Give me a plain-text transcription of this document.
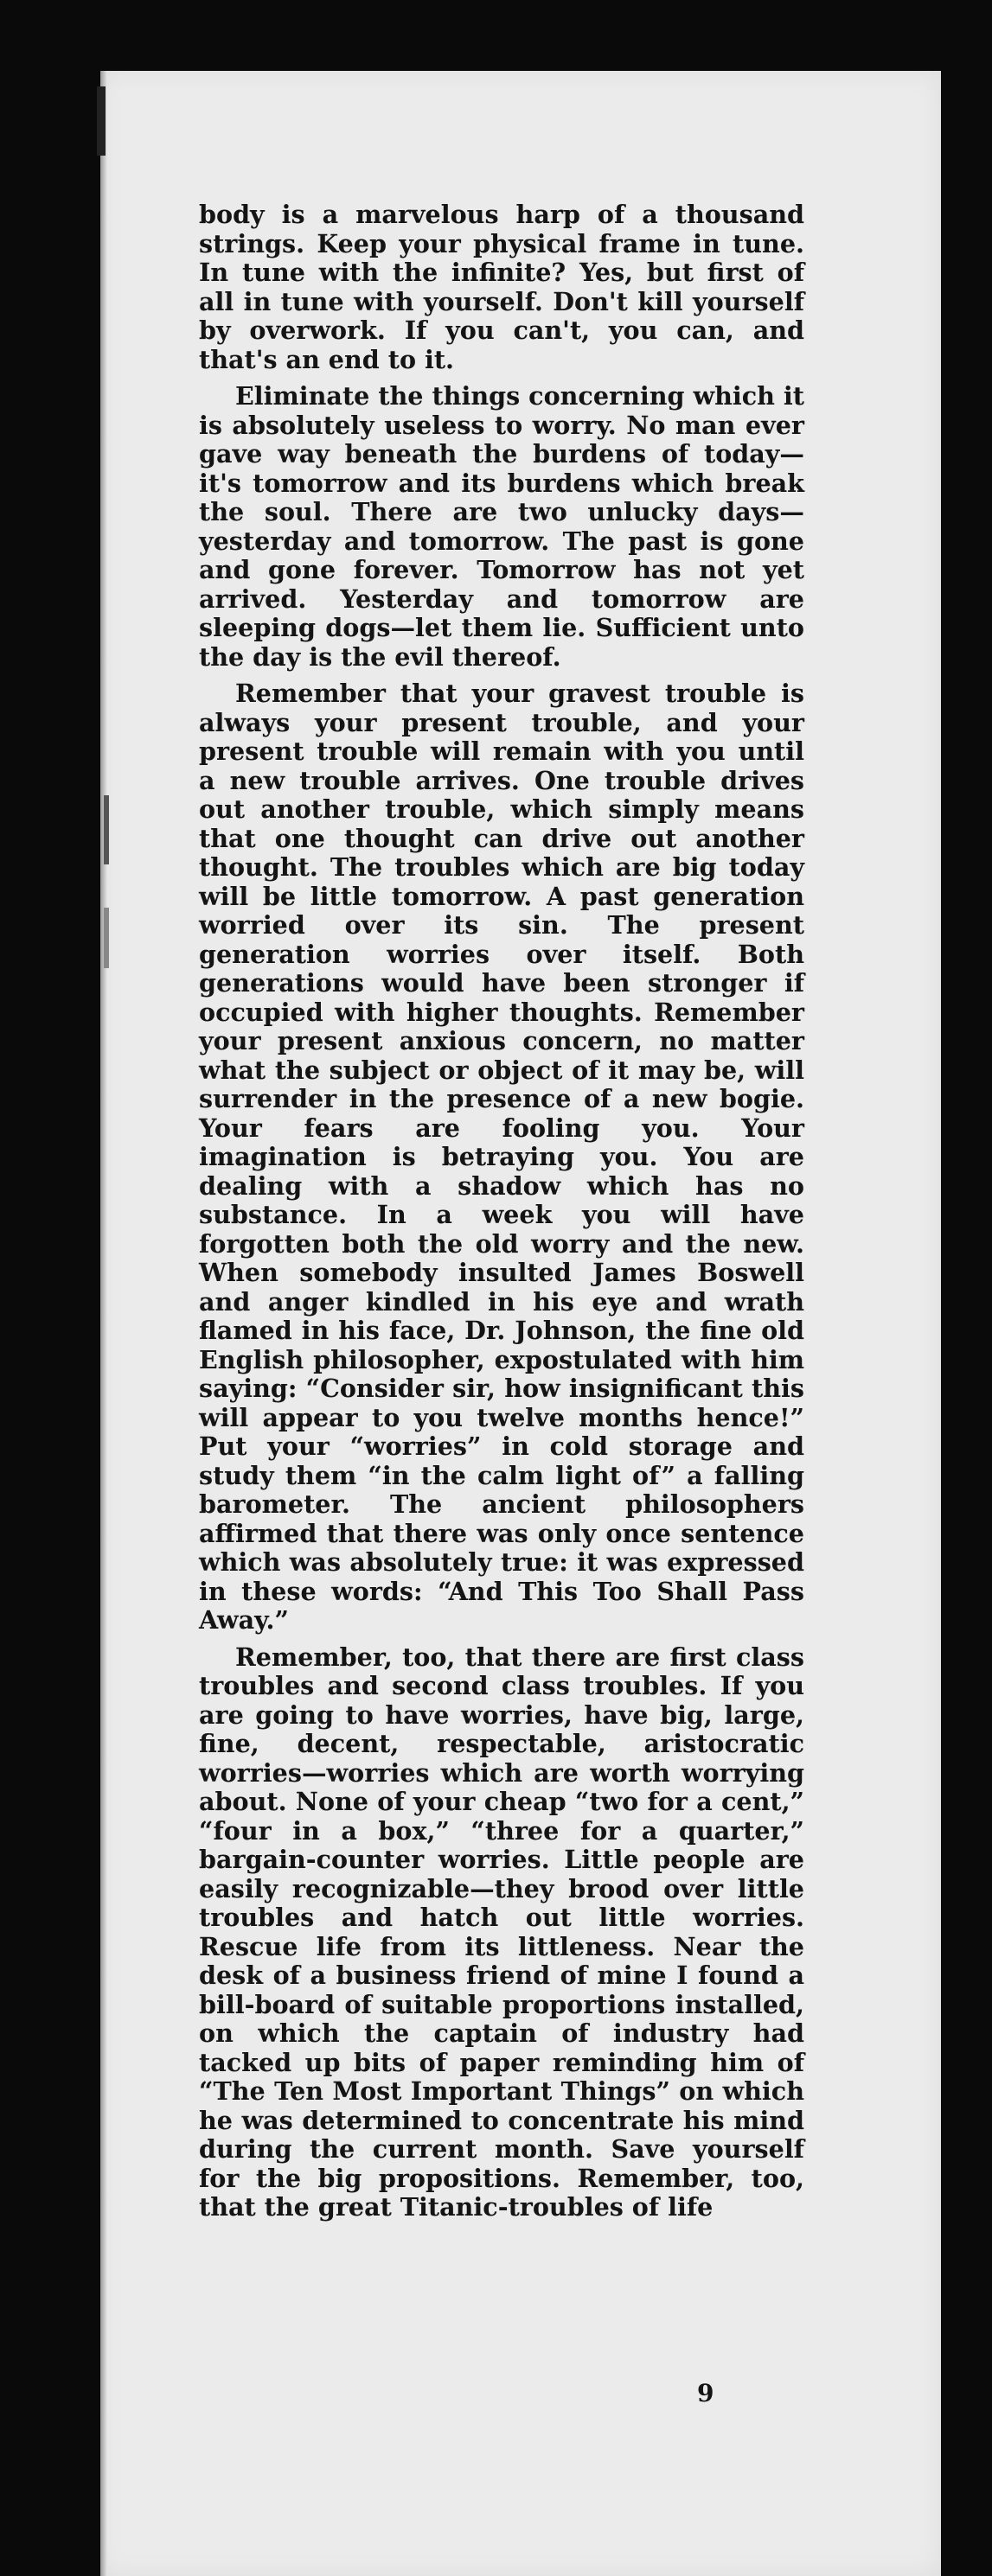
body is a marvelous harp of a thousand strings. Keep your physical frame in tune. In tune with the infinite? Yes, but first of all in tune with yourself. Don't kill yourself by overwork. If you can't, you can, and that's an end to it.

Eliminate the things concerning which it is absolutely useless to worry. No man ever gave way beneath the burdens of today—it's tomorrow and its burdens which break the soul. There are two unlucky days—yesterday and tomorrow. The past is gone and gone forever. Tomorrow has not yet arrived. Yesterday and tomorrow are sleeping dogs—let them lie. Sufficient unto the day is the evil thereof.

Remember that your gravest trouble is always your present trouble, and your present trouble will remain with you until a new trouble arrives. One trouble drives out another trouble, which simply means that one thought can drive out another thought. The troubles which are big today will be little tomorrow. A past generation worried over its sin. The present generation worries over itself. Both generations would have been stronger if occupied with higher thoughts. Remember your present anxious concern, no matter what the subject or object of it may be, will surrender in the presence of a new bogie. Your fears are fooling you. Your imagination is betraying you. You are dealing with a shadow which has no substance. In a week you will have forgotten both the old worry and the new. When somebody insulted James Boswell and anger kindled in his eye and wrath flamed in his face, Dr. Johnson, the fine old English philosopher, expostulated with him saying: “Consider sir, how insignificant this will appear to you twelve months hence!” Put your “worries” in cold storage and study them “in the calm light of” a falling barometer. The ancient philosophers affirmed that there was only once sentence which was absolutely true: it was expressed in these words: “And This Too Shall Pass Away.”

Remember, too, that there are first class troubles and second class troubles. If you are going to have worries, have big, large, fine, decent, respectable, aristocratic worries—worries which are worth worrying about. None of your cheap “two for a cent,” “four in a box,” “three for a quarter,” bargain-counter worries. Little people are easily recognizable—they brood over little troubles and hatch out little worries. Rescue life from its littleness. Near the desk of a business friend of mine I found a bill-board of suitable proportions installed, on which the captain of industry had tacked up bits of paper reminding him of “The Ten Most Important Things” on which he was determined to concentrate his mind during the current month. Save yourself for the big propositions. Remember, too, that the great Titanic-troubles of life

9
